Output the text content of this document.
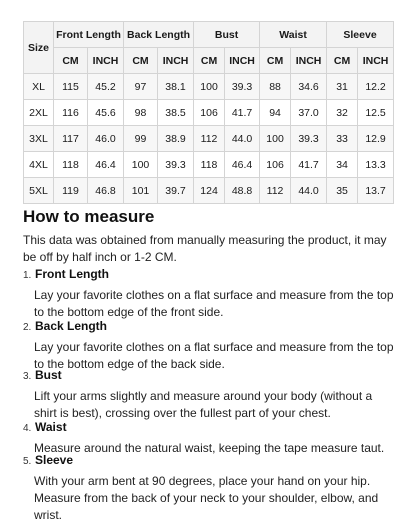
Size	Front Length		Back Length		Bust		Waist		Sleeve	
	CM	INCH	CM	INCH	CM	INCH	CM	INCH	CM	INCH
XL	115	45.2	97	38.1	100	39.3	88	34.6	31	12.2
2XL	116	45.6	98	38.5	106	41.7	94	37.0	32	12.5
3XL	117	46.0	99	38.9	112	44.0	100	39.3	33	12.9
4XL	118	46.4	100	39.3	118	46.4	106	41.7	34	13.3
5XL	119	46.8	101	39.7	124	48.8	112	44.0	35	13.7
How to measure

This data was obtained from manually measuring the product, it may be off by half inch or 1-2 CM.

1. Front Length

Lay your favorite clothes on a flat surface and measure from the top to the bottom edge of the front side.

2. Back Length

Lay your favorite clothes on a flat surface and measure from the top to the bottom edge of the back side.

3. Bust

Lift your arms slightly and measure around your body (without a shirt is best), crossing over the fullest part of your chest.

4. Waist

Measure around the natural waist, keeping the tape measure taut.

5. Sleeve

With your arm bent at 90 degrees, place your hand on your hip. Measure from the back of your neck to your shoulder, elbow, and wrist.
